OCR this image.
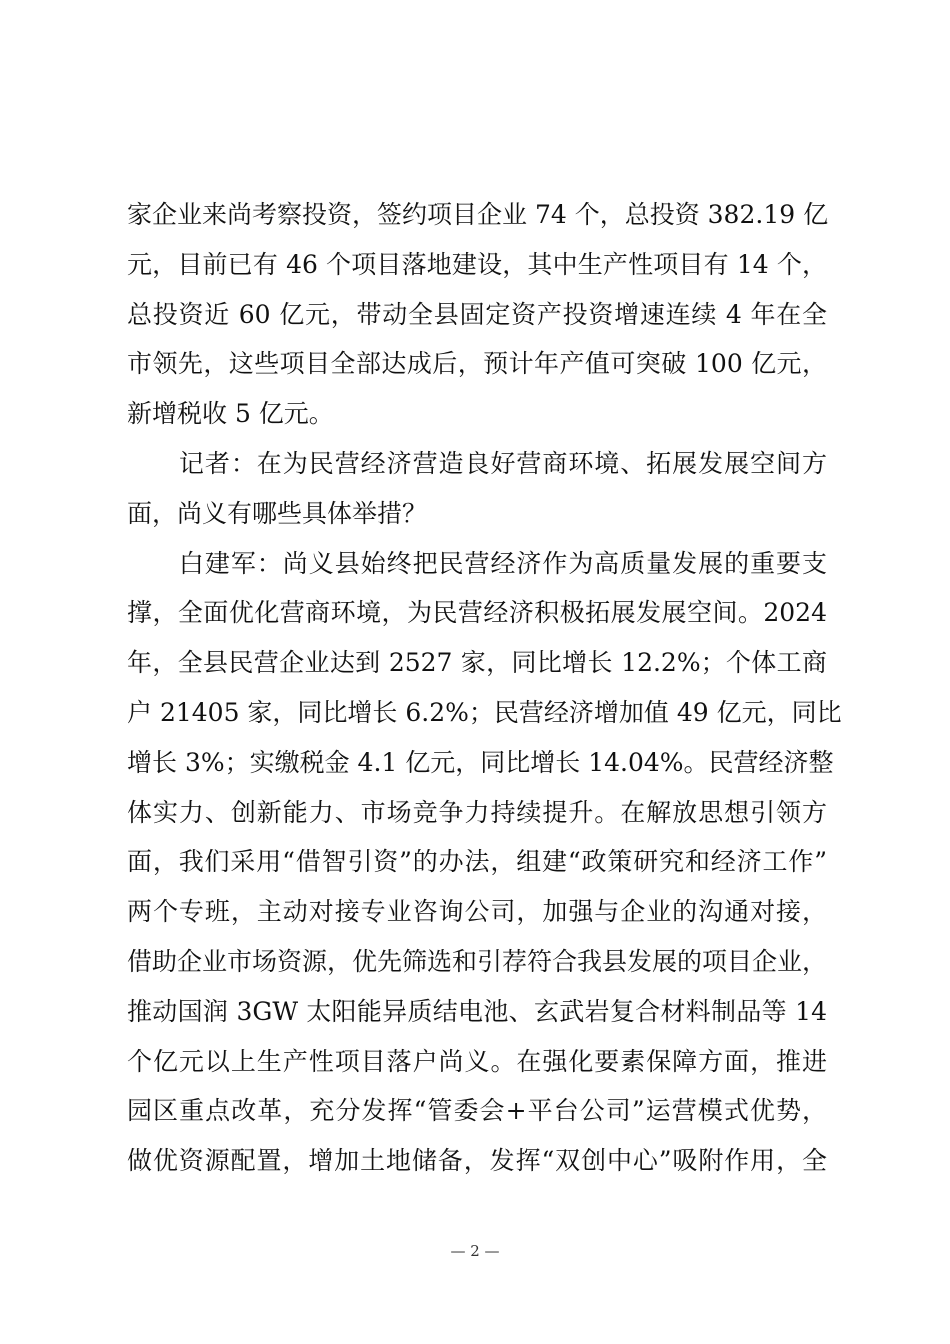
家企业来尚考察投资，签约项目企业 74 个，总投资 382.19 亿
元，目前已有 46 个项目落地建设，其中生产性项目有 14 个，
总投资近 60 亿元，带动全县固定资产投资增速连续 4 年在全
市领先，这些项目全部达成后，预计年产值可突破 100 亿元，
新增税收 5 亿元。
　　记者：在为民营经济营造良好营商环境、拓展发展空间方
面，尚义有哪些具体举措？
　　白建军：尚义县始终把民营经济作为高质量发展的重要支
撑，全面优化营商环境，为民营经济积极拓展发展空间。2024
年，全县民营企业达到 2527 家，同比增长 12.2%；个体工商
户 21405 家，同比增长 6.2%；民营经济增加值 49 亿元，同比
增长 3%；实缴税金 4.1 亿元，同比增长 14.04%。民营经济整
体实力、创新能力、市场竞争力持续提升。在解放思想引领方
面，我们采用“借智引资”的办法，组建“政策研究和经济工作”
两个专班，主动对接专业咨询公司，加强与企业的沟通对接，
借助企业市场资源，优先筛选和引荐符合我县发展的项目企业，
推动国润 3GW 太阳能异质结电池、玄武岩复合材料制品等 14
个亿元以上生产性项目落户尚义。在强化要素保障方面，推进
园区重点改革，充分发挥“管委会+平台公司”运营模式优势，
做优资源配置，增加土地储备，发挥“双创中心”吸附作用，全
— 2 —
